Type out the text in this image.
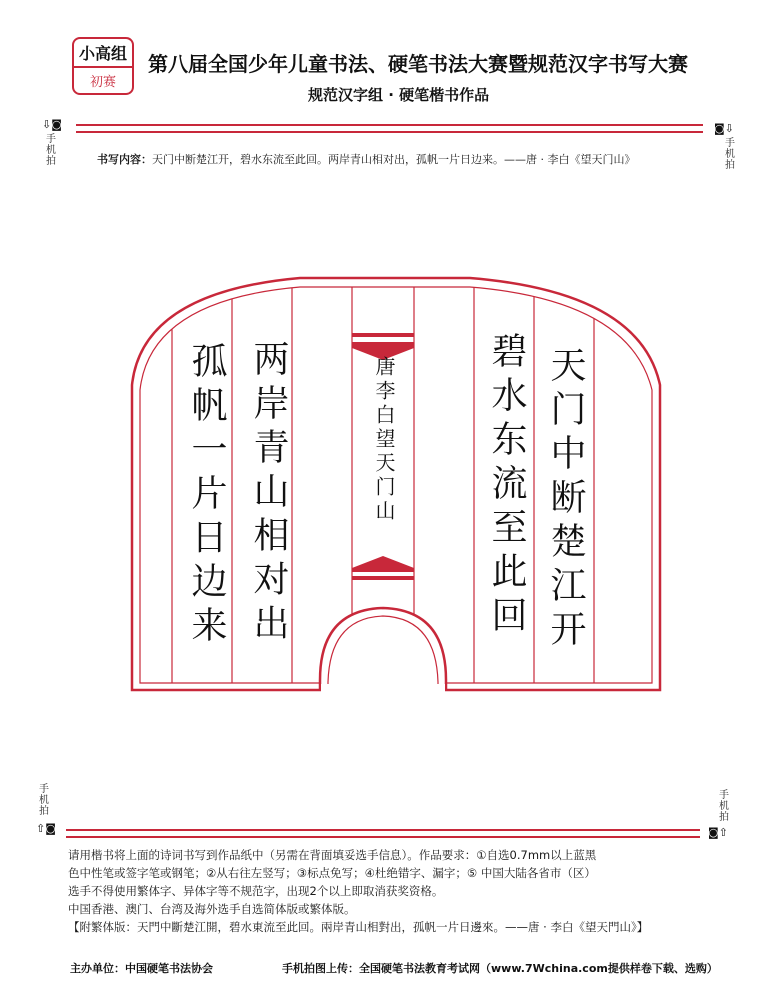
小高组
初赛
第八届全国少年儿童书法、硬笔书法大赛暨规范汉字书写大赛
规范汉字组 · 硬笔楷书作品
⇩◙
手机拍
◙⇩
手机拍
书写内容：天门中断楚江开，碧水东流至此回。两岸青山相对出，孤帆一片日边来。——唐 · 李白《望天门山》
天门中断楚江开
碧水东流至此回
唐李白望天门山
两岸青山相对出
孤帆一片日边来
手机拍
⇧◙
手机拍
◙⇧

请用楷书将上面的诗词书写到作品纸中（另需在背面填妥选手信息）。作品要求：①自选0.7mm以上蓝黑

色中性笔或签字笔或钢笔；②从右往左竖写；③标点免写；④杜绝错字、漏字；⑤ 中国大陆各省市（区）

选手不得使用繁体字、异体字等不规范字，出现2个以上即取消获奖资格。

中国香港、澳门、台湾及海外选手自选简体版或繁体版。

【附繁体版：天門中斷楚江開，碧水東流至此回。兩岸青山相對出，孤帆一片日邊來。——唐 · 李白《望天門山》】

主办单位：中国硬笔书法协会	手机拍图上传：全国硬笔书法教育考试网（www.7Wchina.com提供样卷下载、选购）
